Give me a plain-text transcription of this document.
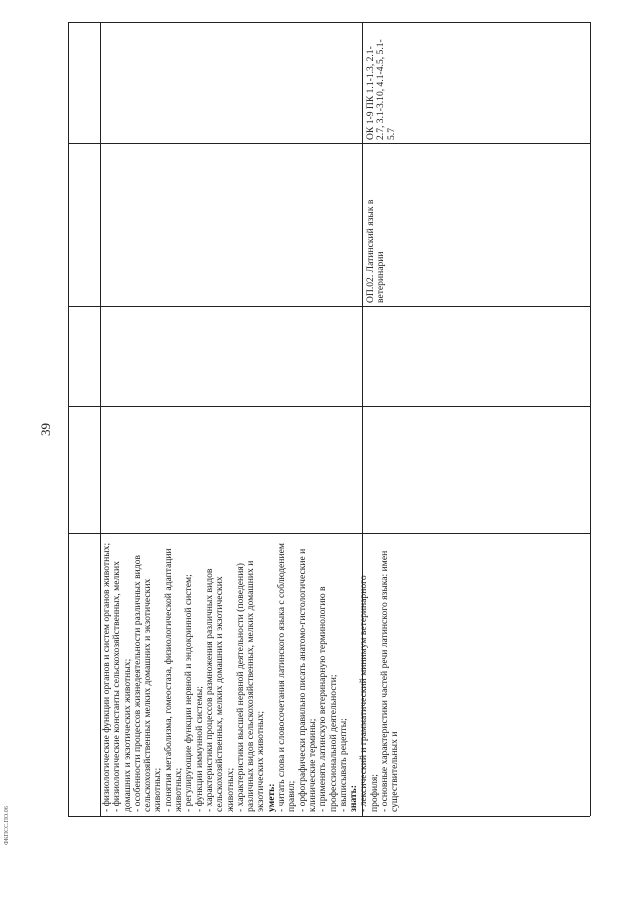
39
ФКПСС.ПО.06
- физиологические функции органов и систем органов животных; - физиологические константы сельскохозяйственных, мелких домашних и экзотических животных; - особенности процессов жизнедеятельности различных видов сельскохозяйственных мелких домашних и экзотических животных; - понятия метаболизма, гомеостаза, физиологической адаптации животных; - регулирующие функции нервной и эндокринной систем; - функции иммунной системы; - характеристики процессов размножения различных видов сельскохозяйственных, мелких домашних и экзотических животных; - характеристики высшей нервной деятельности (поведения) различных видов сельскохозяйственных, мелких домашних и экзотических животных; уметь: - читать слова и словосочетания латинского языка с соблюдением правил; - орфографически правильно писать анатомо-гистологические и клинические термины; - применять латинскую ветеринарную терминологию в профессиональной деятельности; - выписывать рецепты; знать: - лексический и грамматический минимум ветеринарного профиля; - основные характеристики частей речи латинского языка: имен существительных и
ОП.02. Латинский язык в ветеринарии
ОК 1-9 ПК 1.1-1.3, 2.1-2.7, 3.1-3.10, 4.1-4.5, 5.1-5.7
